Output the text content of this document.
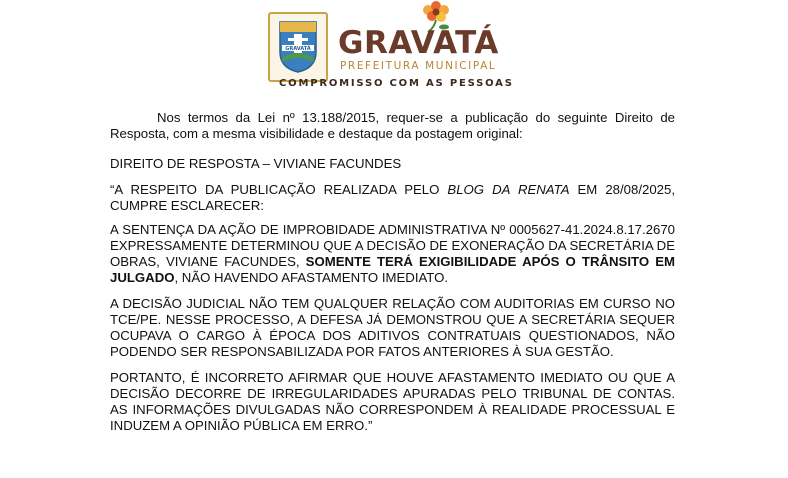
GRAVATÁ GRAVATÁ
PREFEITURA MUNICIPAL
COMPROMISSO COM AS PESSOAS

Nos termos da Lei nº 13.188/2015, requer-se a publicação do seguinte Direito de Resposta, com a mesma visibilidade e destaque da postagem original:

DIREITO DE RESPOSTA – VIVIANE FACUNDES

“A RESPEITO DA PUBLICAÇÃO REALIZADA PELO BLOG DA RENATA EM 28/08/2025, CUMPRE ESCLARECER:

A SENTENÇA DA AÇÃO DE IMPROBIDADE ADMINISTRATIVA Nº 0005627-41.2024.8.17.2670 EXPRESSAMENTE DETERMINOU QUE A DECISÃO DE EXONERAÇÃO DA SECRETÁRIA DE OBRAS, VIVIANE FACUNDES, SOMENTE TERÁ EXIGIBILIDADE APÓS O TRÂNSITO EM JULGADO, NÃO HAVENDO AFASTAMENTO IMEDIATO.

A DECISÃO JUDICIAL NÃO TEM QUALQUER RELAÇÃO COM AUDITORIAS EM CURSO NO TCE/PE. NESSE PROCESSO, A DEFESA JÁ DEMONSTROU QUE A SECRETÁRIA SEQUER OCUPAVA O CARGO À ÉPOCA DOS ADITIVOS CONTRATUAIS QUESTIONADOS, NÃO PODENDO SER RESPONSABILIZADA POR FATOS ANTERIORES À SUA GESTÃO.

PORTANTO, É INCORRETO AFIRMAR QUE HOUVE AFASTAMENTO IMEDIATO OU QUE A DECISÃO DECORRE DE IRREGULARIDADES APURADAS PELO TRIBUNAL DE CONTAS. AS INFORMAÇÕES DIVULGADAS NÃO CORRESPONDEM À REALIDADE PROCESSUAL E INDUZEM A OPINIÃO PÚBLICA EM ERRO.”
